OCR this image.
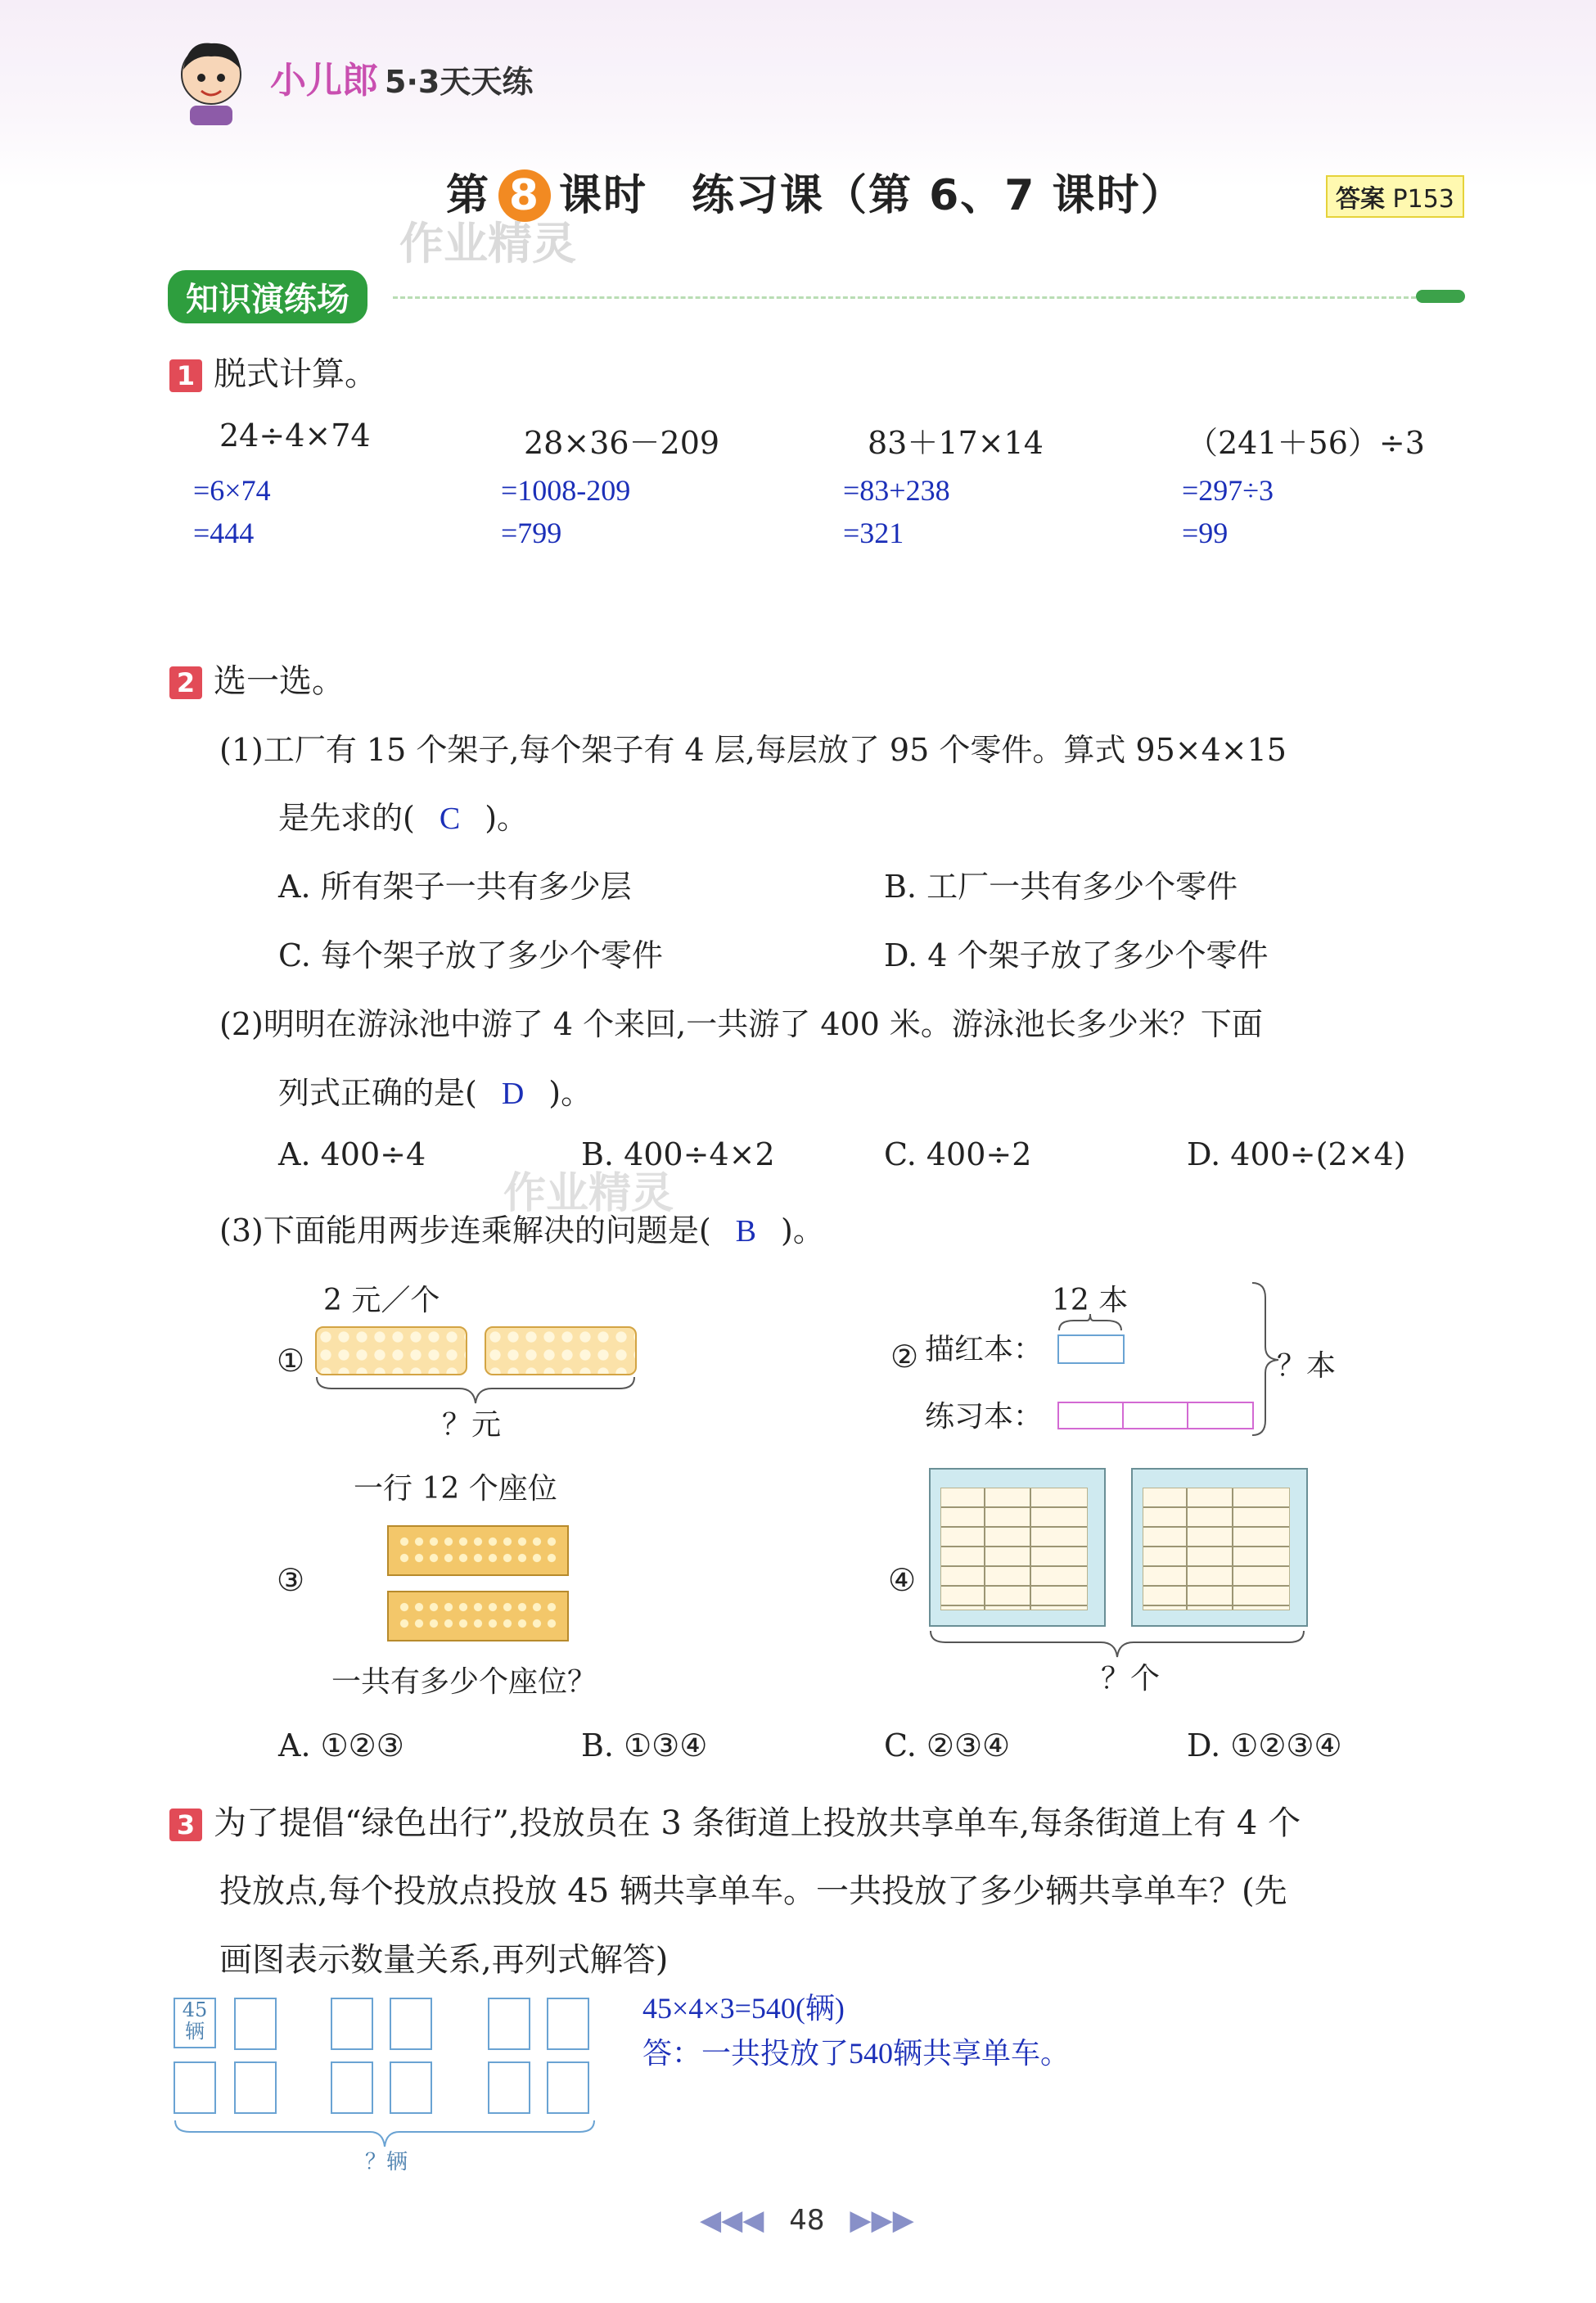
小儿郎 5·3天天练
第 8 课时　练习课（第 6、7 课时）	答案 P153
作业精灵
知识演练场
1 脱式计算。
24÷4×74
=6×74
=444
28×36－209
=1008-209
=799
83＋17×14
=83+238
=321
（241＋56）÷3
=297÷3
=99
2 选一选。
(1)工厂有 15 个架子,每个架子有 4 层,每层放了 95 个零件。算式 95×4×15
是先求的( C )。
A. 所有架子一共有多少层	B. 工厂一共有多少个零件
C. 每个架子放了多少个零件	D. 4 个架子放了多少个零件
(2)明明在游泳池中游了 4 个来回,一共游了 400 米。游泳池长多少米？下面
列式正确的是( D )。
A. 400÷4	B. 400÷4×2	C. 400÷2	D. 400÷(2×4)
作业精灵
(3)下面能用两步连乘解决的问题是( B )。
①
2 元／个
？元
②
12 本
描红本：
练习本：
？本
一行 12 个座位
③
一共有多少个座位？
④
？个
A. ①②③	B. ①③④	C. ②③④	D. ①②③④
3 为了提倡“绿色出行”,投放员在 3 条街道上投放共享单车,每条街道上有 4 个
投放点,每个投放点投放 45 辆共享单车。一共投放了多少辆共享单车？(先
画图表示数量关系,再列式解答)
45
辆
？辆
45×4×3=540(辆)
答：一共投放了540辆共享单车。
◀◀◀ 48 ▶▶▶
